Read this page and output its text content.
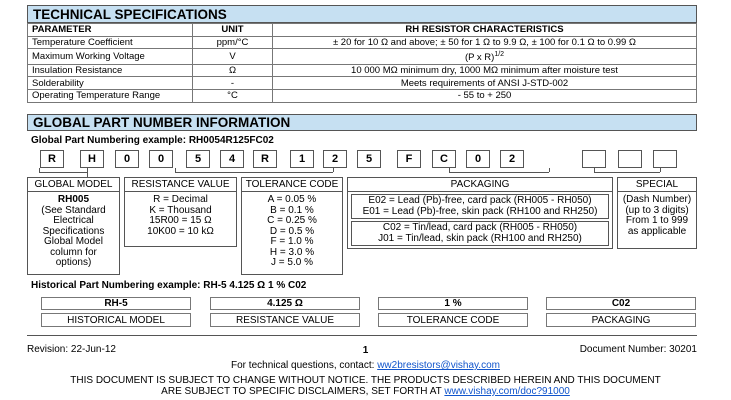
TECHNICAL SPECIFICATIONS
PARAMETER	UNIT	RH RESISTOR CHARACTERISTICS
Temperature Coefficient	ppm/°C	± 20 for 10 Ω and above; ± 50 for 1 Ω to 9.9 Ω, ± 100 for 0.1 Ω to 0.99 Ω
Maximum Working Voltage	V	(P x R)$^{1/2}$
Insulation Resistance	Ω	10 000 MΩ minimum dry, 1000 MΩ minimum after moisture test
Solderability	-	Meets requirements of ANSI J-STD-002
Operating Temperature Range	°C	- 55 to + 250
GLOBAL PART NUMBER INFORMATION
Global Part Numbering example: RH0054R125FC02
R	H	0	0	5	4	R	1	2	5	F	C	0	2
GLOBAL MODEL
RH005
(See Standard
Electrical
Specifications
Global Model
column for
options)
RESISTANCE VALUE
R = Decimal
K = Thousand
15R00 = 15 Ω
10K00 = 10 kΩ
TOLERANCE CODE
A = 0.05 %
B = 0.1 %
C = 0.25 %
D = 0.5 %
F = 1.0 %
H = 3.0 %
J = 5.0 %
PACKAGING
E02 = Lead (Pb)-free, card pack (RH005 - RH050)
E01 = Lead (Pb)-free, skin pack (RH100 and RH250)
C02 = Tin/lead, card pack (RH005 - RH050)
J01 = Tin/lead, skin pack (RH100 and RH250)
SPECIAL
(Dash Number)
(up to 3 digits)
From 1 to 999
as applicable
Historical Part Numbering example: RH-5 4.125 Ω 1 % C02
RH-5	4.125 Ω	1 %	C02
HISTORICAL MODEL	RESISTANCE VALUE	TOLERANCE CODE	PACKAGING
Revision: 22-Jun-12	1	Document Number: 30201
For technical questions, contact: ww2bresistors@vishay.com
THIS DOCUMENT IS SUBJECT TO CHANGE WITHOUT NOTICE. THE PRODUCTS DESCRIBED HEREIN AND THIS DOCUMENT
ARE SUBJECT TO SPECIFIC DISCLAIMERS, SET FORTH AT www.vishay.com/doc?91000
